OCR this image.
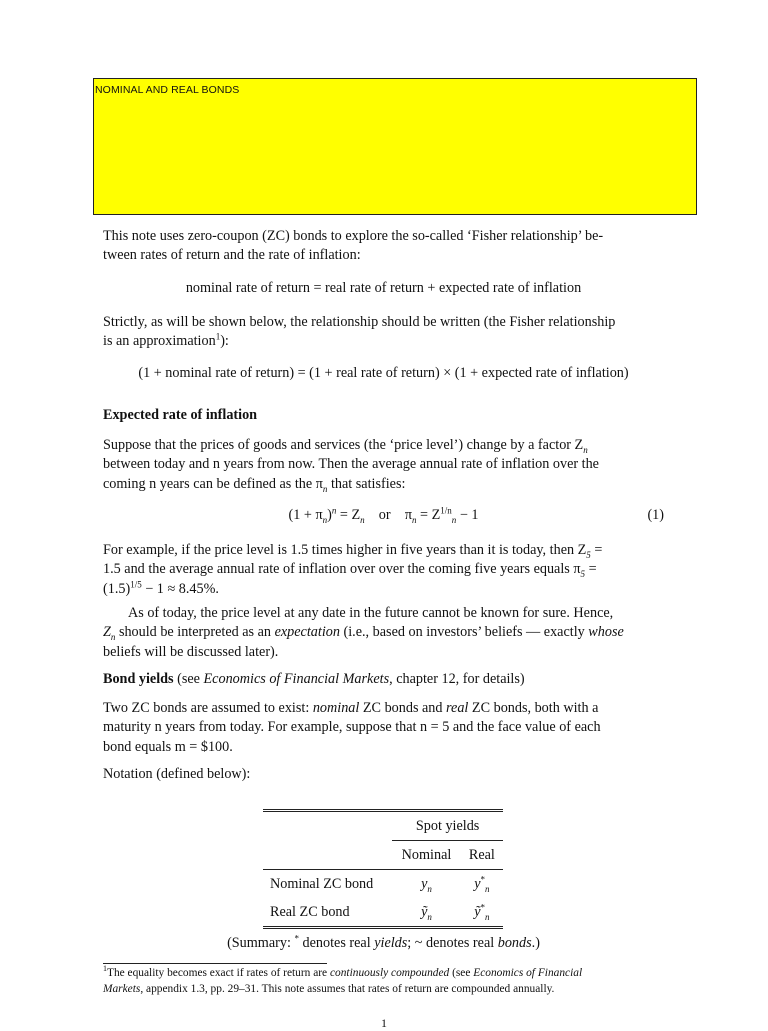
NOMINAL AND REAL BONDS
This note uses zero-coupon (ZC) bonds to explore the so-called ‘Fisher relationship’ be-
tween rates of return and the rate of inflation:
nominal rate of return = real rate of return + expected rate of inflation
Strictly, as will be shown below, the relationship should be written (the Fisher relationship
is an approximation$^1$):
(1 + nominal rate of return) = (1 + real rate of return) × (1 + expected rate of inflation)
Expected rate of inflation
Suppose that the prices of goods and services (the ‘price level’) change by a factor $Z_n$
between today and n years from now. Then the average annual rate of inflation over the
coming n years can be defined as the $\pi_n$ that satisfies:
$(1 + \pi_n)^n = Z_n$ or $\pi_n = Z^{1/n}_n - 1$	(1)
For example, if the price level is 1.5 times higher in five years than it is today, then $Z_5$ =
1.5 and the average annual rate of inflation over over the coming five years equals $\pi_5$ =
$(1.5)^{1/5} - 1 \approx 8.45\%$.
As of today, the price level at any date in the future cannot be known for sure. Hence,
$Z_n$ should be interpreted as an expectation (i.e., based on investors’ beliefs — exactly whose
beliefs will be discussed later).
Bond yields (see Economics of Financial Markets, chapter 12, for details)
Two ZC bonds are assumed to exist: nominal ZC bonds and real ZC bonds, both with a
maturity n years from today. For example, suppose that n = 5 and the face value of each
bond equals m = $100.
Notation (defined below):
	Spot yields	
	Nominal	Real
Nominal ZC bond	$y_n$	$y^*_n$
Real ZC bond	ỹ$_n$	ỹ*$_n$
(Summary: * denotes real yields; ~ denotes real bonds.)
$^1$The equality becomes exact if rates of return are continuously compounded (see Economics of Financial
Markets, appendix 1.3, pp. 29–31. This note assumes that rates of return are compounded annually.
1
